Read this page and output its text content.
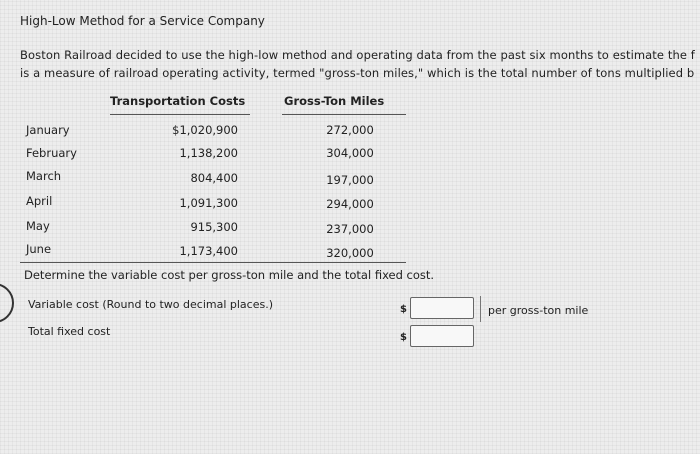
High-Low Method for a Service Company
Boston Railroad decided to use the high-low method and operating data from the past six months to estimate the f
is a measure of railroad operating activity, termed "gross-ton miles," which is the total number of tons multiplied b
Transportation Costs	Gross-Ton Miles
January	$1,020,900	272,000
February	1,138,200	304,000
March	804,400	197,000
April	1,091,300	294,000
May	915,300	237,000
June	1,173,400	320,000
Determine the variable cost per gross-ton mile and the total fixed cost.
Variable cost (Round to two decimal places.)	$	per gross-ton mile
Total fixed cost	$
